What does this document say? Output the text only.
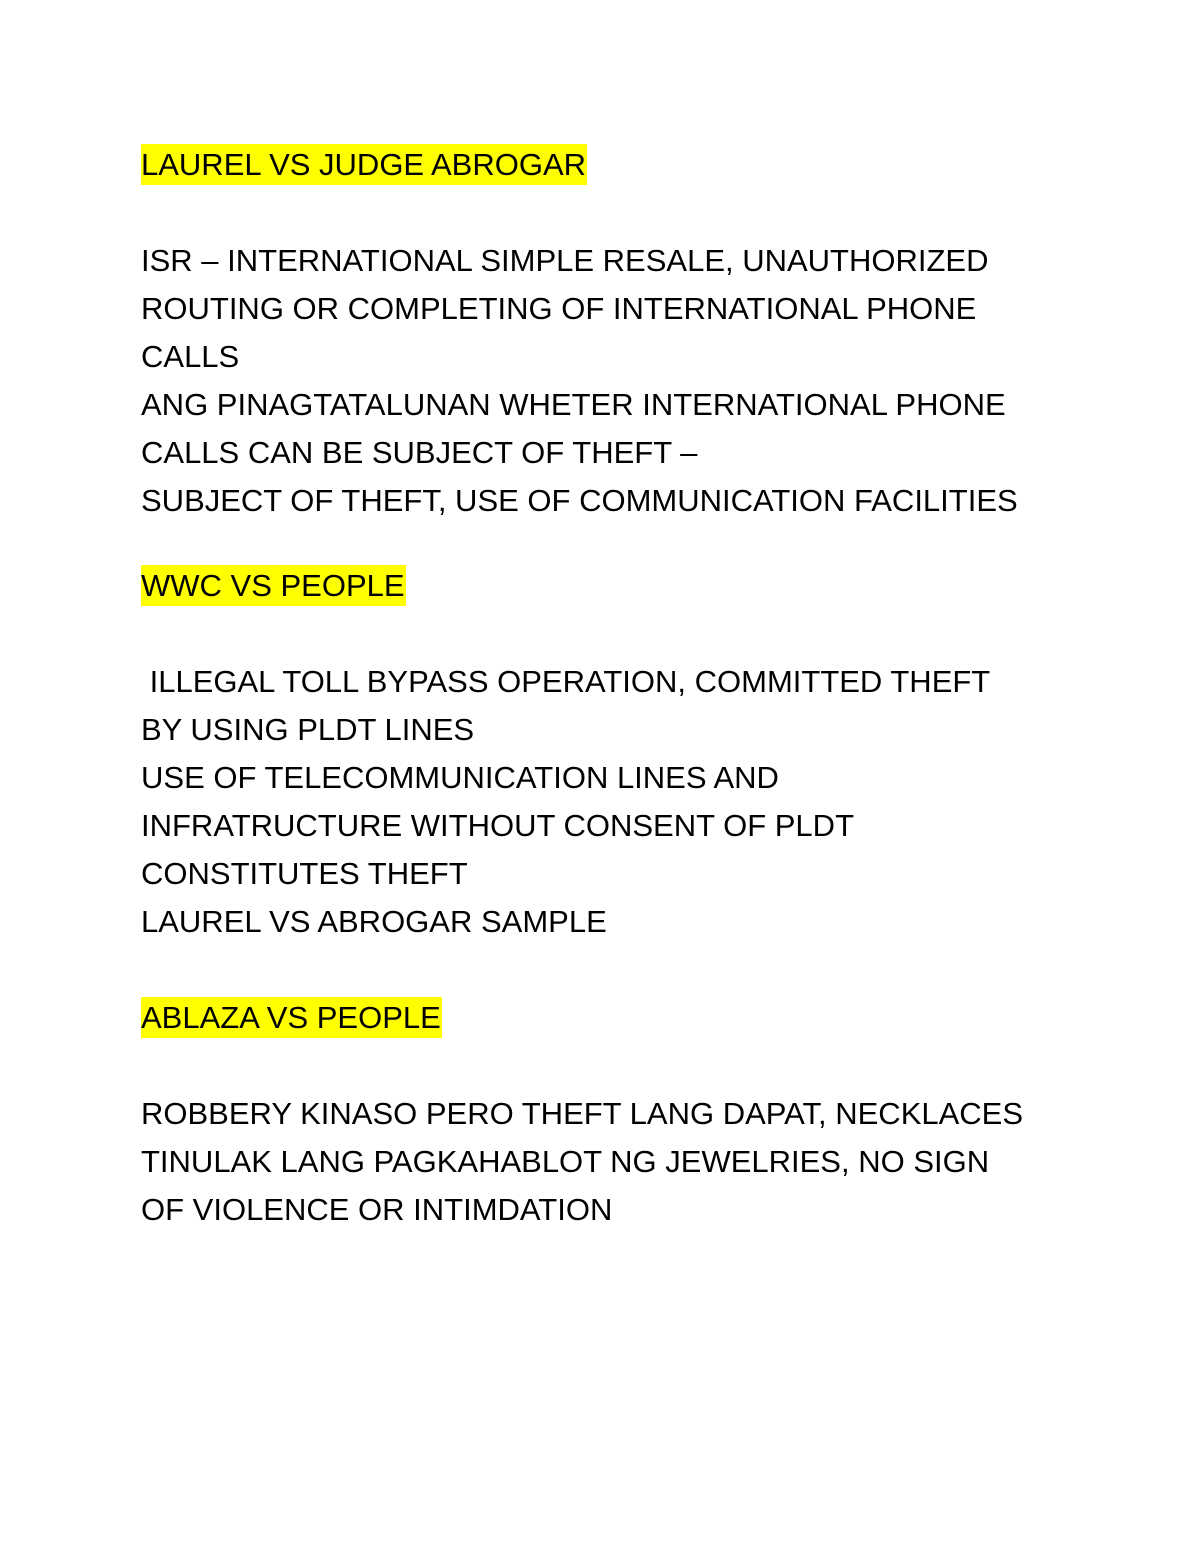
LAUREL VS JUDGE ABROGAR
ISR – INTERNATIONAL SIMPLE RESALE, UNAUTHORIZED
ROUTING OR COMPLETING OF INTERNATIONAL PHONE
CALLS
ANG PINAGTATALUNAN WHETER INTERNATIONAL PHONE
CALLS CAN BE SUBJECT OF THEFT –
SUBJECT OF THEFT, USE OF COMMUNICATION FACILITIES
WWC VS PEOPLE
ILLEGAL TOLL BYPASS OPERATION, COMMITTED THEFT
BY USING PLDT LINES
USE OF TELECOMMUNICATION LINES AND
INFRATRUCTURE WITHOUT CONSENT OF PLDT
CONSTITUTES THEFT
LAUREL VS ABROGAR SAMPLE
ABLAZA VS PEOPLE
ROBBERY KINASO PERO THEFT LANG DAPAT, NECKLACES
TINULAK LANG PAGKAHABLOT NG JEWELRIES, NO SIGN
OF VIOLENCE OR INTIMDATION
